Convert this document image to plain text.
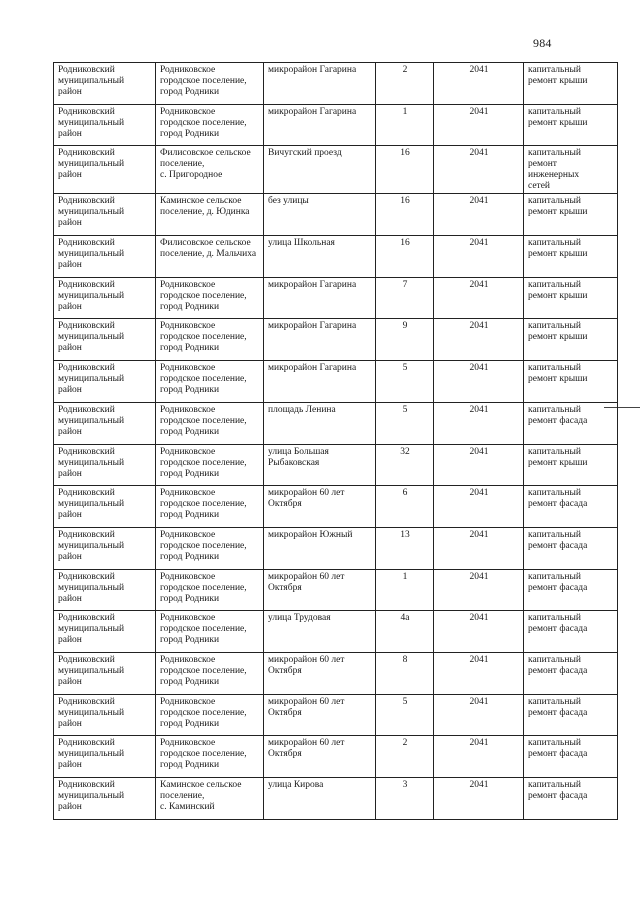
984
Родниковский
муниципальный
район	Родниковское
городское поселение,
город Родники	микрорайон Гагарина	2	2041	капитальный
ремонт крыши
Родниковский
муниципальный
район	Родниковское
городское поселение,
город Родники	микрорайон Гагарина	1	2041	капитальный
ремонт крыши
Родниковский
муниципальный
район	Филисовское сельское
поселение,
с. Пригородное	Вичугский проезд	16	2041	капитальный
ремонт
инженерных
сетей
Родниковский
муниципальный
район	Каминское сельское
поселение, д. Юдинка	без улицы	16	2041	капитальный
ремонт крыши
Родниковский
муниципальный
район	Филисовское сельское
поселение, д. Мальчиха	улица Школьная	16	2041	капитальный
ремонт крыши
Родниковский
муниципальный
район	Родниковское
городское поселение,
город Родники	микрорайон Гагарина	7	2041	капитальный
ремонт крыши
Родниковский
муниципальный
район	Родниковское
городское поселение,
город Родники	микрорайон Гагарина	9	2041	капитальный
ремонт крыши
Родниковский
муниципальный
район	Родниковское
городское поселение,
город Родники	микрорайон Гагарина	5	2041	капитальный
ремонт крыши
Родниковский
муниципальный
район	Родниковское
городское поселение,
город Родники	площадь Ленина	5	2041	капитальный
ремонт фасада
Родниковский
муниципальный
район	Родниковское
городское поселение,
город Родники	улица Большая
Рыбаковская	32	2041	капитальный
ремонт крыши
Родниковский
муниципальный
район	Родниковское
городское поселение,
город Родники	микрорайон 60 лет
Октября	6	2041	капитальный
ремонт фасада
Родниковский
муниципальный
район	Родниковское
городское поселение,
город Родники	микрорайон Южный	13	2041	капитальный
ремонт фасада
Родниковский
муниципальный
район	Родниковское
городское поселение,
город Родники	микрорайон 60 лет
Октября	1	2041	капитальный
ремонт фасада
Родниковский
муниципальный
район	Родниковское
городское поселение,
город Родники	улица Трудовая	4а	2041	капитальный
ремонт фасада
Родниковский
муниципальный
район	Родниковское
городское поселение,
город Родники	микрорайон 60 лет
Октября	8	2041	капитальный
ремонт фасада
Родниковский
муниципальный
район	Родниковское
городское поселение,
город Родники	микрорайон 60 лет
Октября	5	2041	капитальный
ремонт фасада
Родниковский
муниципальный
район	Родниковское
городское поселение,
город Родники	микрорайон 60 лет
Октября	2	2041	капитальный
ремонт фасада
Родниковский
муниципальный
район	Каминское сельское
поселение,
с. Каминский	улица Кирова	3	2041	капитальный
ремонт фасада
